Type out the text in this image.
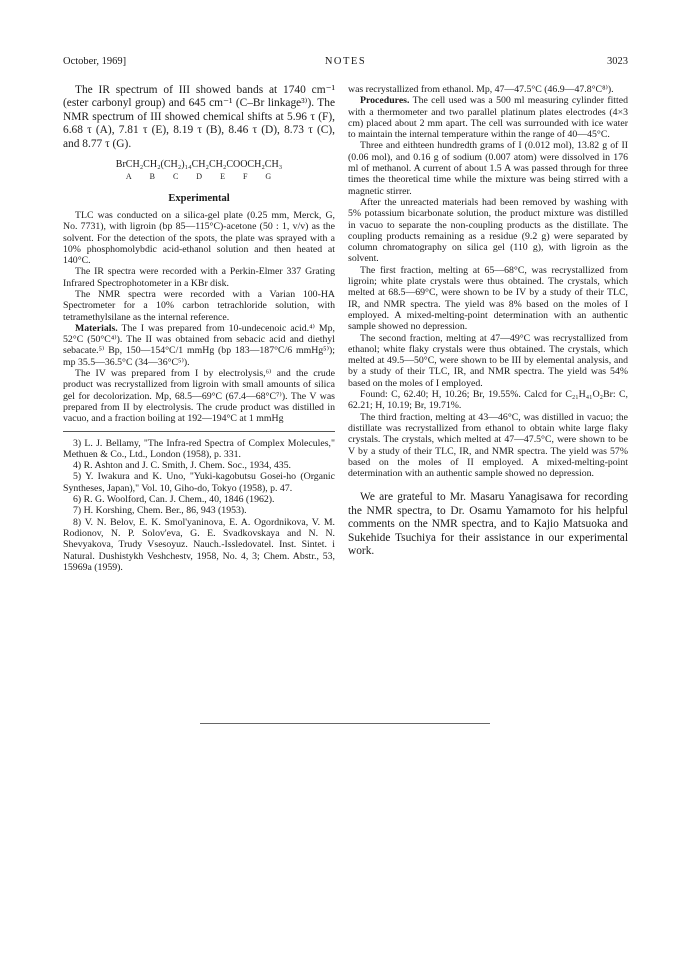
October, 1969]	NOTES	3023

The IR spectrum of III showed bands at 1740 cm⁻¹ (ester carbonyl group) and 645 cm⁻¹ (C–Br linkage³⁾). The NMR spectrum of III showed chemical shifts at 5.96 τ (F), 6.68 τ (A), 7.81 τ (E), 8.19 τ (B), 8.46 τ (D), 8.73 τ (C), and 8.77 τ (G).

BrCH₂CH₂(CH₂)₁₄CH₂CH₂COOCH₂CH₃
A B C D E F G
Experimental

TLC was conducted on a silica-gel plate (0.25 mm, Merck, G, No. 7731), with ligroin (bp 85—115°C)-acetone (50 : 1, v/v) as the solvent. For the detection of the spots, the plate was sprayed with a 10% phosphomolybdic acid-ethanol solution and then heated at 140°C.

The IR spectra were recorded with a Perkin-Elmer 337 Grating Infrared Spectrophotometer in a KBr disk.

The NMR spectra were recorded with a Varian 100-HA Spectrometer for a 10% carbon tetrachloride solution, with tetramethylsilane as the internal reference.

Materials. The I was prepared from 10-undecenoic acid.⁴⁾ Mp, 52°C (50°C⁴⁾). The II was obtained from sebacic acid and diethyl sebacate.⁵⁾ Bp, 150—154°C/1 mmHg (bp 183—187°C/6 mmHg⁵⁾); mp 35.5—36.5°C (34—36°C⁵⁾).

The IV was prepared from I by electrolysis,⁶⁾ and the crude product was recrystallized from ligroin with small amounts of silica gel for decolorization. Mp, 68.5—69°C (67.4—68°C⁷⁾). The V was prepared from II by electrolysis. The crude product was distilled in vacuo, and a fraction boiling at 192—194°C at 1 mmHg

3) L. J. Bellamy, "The Infra-red Spectra of Complex Molecules," Methuen & Co., Ltd., London (1958), p. 331.

4) R. Ashton and J. C. Smith, J. Chem. Soc., 1934, 435.

5) Y. Iwakura and K. Uno, "Yuki-kagobutsu Gosei-ho (Organic Syntheses, Japan)," Vol. 10, Giho-do, Tokyo (1958), p. 47.

6) R. G. Woolford, Can. J. Chem., 40, 1846 (1962).

7) H. Korshing, Chem. Ber., 86, 943 (1953).

8) V. N. Belov, E. K. Smol'yaninova, E. A. Ogordnikova, V. M. Rodionov, N. P. Solov'eva, G. E. Svadkovskaya and N. N. Shevyakova, Trudy Vsesoyuz. Nauch.-Issledovatel. Inst. Sintet. i Natural. Dushistykh Veshchestv, 1958, No. 4, 3; Chem. Abstr., 53, 15969a (1959).

was recrystallized from ethanol. Mp, 47—47.5°C (46.9—47.8°C⁸⁾).

Procedures. The cell used was a 500 ml measuring cylinder fitted with a thermometer and two parallel platinum plates electrodes (4×3 cm) placed about 2 mm apart. The cell was surrounded with ice water to maintain the internal temperature within the range of 40—45°C.

Three and eithteen hundredth grams of I (0.012 mol), 13.82 g of II (0.06 mol), and 0.16 g of sodium (0.007 atom) were dissolved in 176 ml of methanol. A current of about 1.5 A was passed through for three times the theoretical time while the mixture was being stirred with a magnetic stirrer.

After the unreacted materials had been removed by washing with 5% potassium bicarbonate solution, the product mixture was distilled in vacuo to separate the non-coupling products as the distillate. The coupling products remaining as a residue (9.2 g) were separated by column chromatography on silica gel (110 g), with ligroin as the solvent.

The first fraction, melting at 65—68°C, was recrystallized from ligroin; white plate crystals were thus obtained. The crystals, which melted at 68.5—69°C, were shown to be IV by a study of their TLC, IR, and NMR spectra. The yield was 8% based on the moles of I employed. A mixed-melting-point determination with an authentic sample showed no depression.

The second fraction, melting at 47—49°C was recrystallized from ethanol; white flaky crystals were thus obtained. The crystals, which melted at 49.5—50°C, were shown to be III by elemental analysis, and by a study of their TLC, IR, and NMR spectra. The yield was 54% based on the moles of I employed.

Found: C, 62.40; H, 10.26; Br, 19.55%. Calcd for C₂₁H₄₁O₂Br: C, 62.21; H, 10.19; Br, 19.71%.

The third fraction, melting at 43—46°C, was distilled in vacuo; the distillate was recrystallized from ethanol to obtain white large flaky crystals. The crystals, which melted at 47—47.5°C, were shown to be V by a study of their TLC, IR, and NMR spectra. The yield was 57% based on the moles of II employed. A mixed-melting-point determination with an authentic sample showed no depression.

We are grateful to Mr. Masaru Yanagisawa for recording the NMR spectra, to Dr. Osamu Yamamoto for his helpful comments on the NMR spectra, and to Kajio Matsuoka and Sukehide Tsuchiya for their assistance in our experimental work.
